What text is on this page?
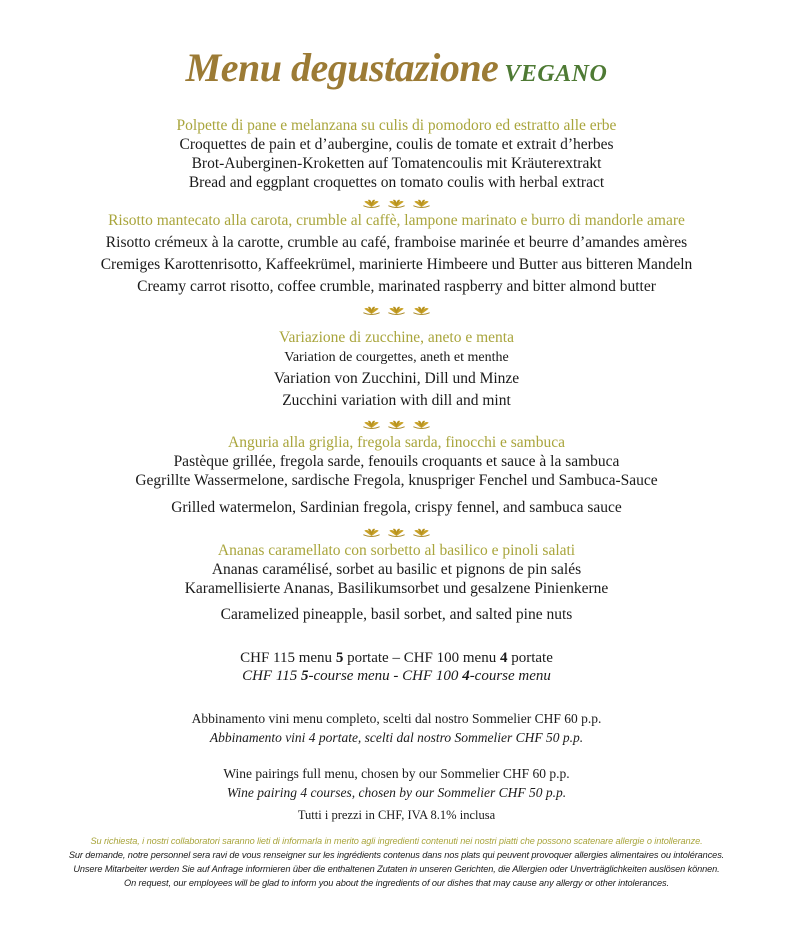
Menu degustazione VEGANO
Polpette di pane e melanzana su culis di pomodoro ed estratto alle erbe
Croquettes de pain et d’aubergine, coulis de tomate et extrait d’herbes
Brot-Auberginen-Kroketten auf Tomatencoulis mit Kräuterextrakt
Bread and eggplant croquettes on tomato coulis with herbal extract
Risotto mantecato alla carota, crumble al caffè, lampone marinato e burro di mandorle amare
Risotto crémeux à la carotte, crumble au café, framboise marinée et beurre d’amandes amères
Cremiges Karottenrisotto, Kaffeekrümel, marinierte Himbeere und Butter aus bitteren Mandeln
Creamy carrot risotto, coffee crumble, marinated raspberry and bitter almond butter
Variazione di zucchine, aneto e menta
Variation de courgettes, aneth et menthe
Variation von Zucchini, Dill und Minze
Zucchini variation with dill and mint
Anguria alla griglia, fregola sarda, finocchi e sambuca
Pastèque grillée, fregola sarde, fenouils croquants et sauce à la sambuca
Gegrillte Wassermelone, sardische Fregola, knuspriger Fenchel und Sambuca-Sauce
Grilled watermelon, Sardinian fregola, crispy fennel, and sambuca sauce
Ananas caramellato con sorbetto al basilico e pinoli salati
Ananas caramélisé, sorbet au basilic et pignons de pin salés
Karamellisierte Ananas, Basilikumsorbet und gesalzene Pinienkerne
Caramelized pineapple, basil sorbet, and salted pine nuts
CHF 115 menu 5 portate – CHF 100 menu 4 portate
CHF 115 5-course menu - CHF 100 4-course menu
Abbinamento vini menu completo, scelti dal nostro Sommelier CHF 60 p.p.
Abbinamento vini 4 portate, scelti dal nostro Sommelier CHF 50 p.p.
Wine pairings full menu, chosen by our Sommelier CHF 60 p.p.
Wine pairing 4 courses, chosen by our Sommelier CHF 50 p.p.
Tutti i prezzi in CHF, IVA 8.1% inclusa
Su richiesta, i nostri collaboratori saranno lieti di informarla in merito agli ingredienti contenuti nei nostri piatti che possono scatenare allergie o intolleranze.
Sur demande, notre personnel sera ravi de vous renseigner sur les ingrédients contenus dans nos plats qui peuvent provoquer allergies alimentaires ou intolérances.
Unsere Mitarbeiter werden Sie auf Anfrage informieren über die enthaltenen Zutaten in unseren Gerichten, die Allergien oder Unverträglichkeiten auslösen können.
On request, our employees will be glad to inform you about the ingredients of our dishes that may cause any allergy or other intolerances.
